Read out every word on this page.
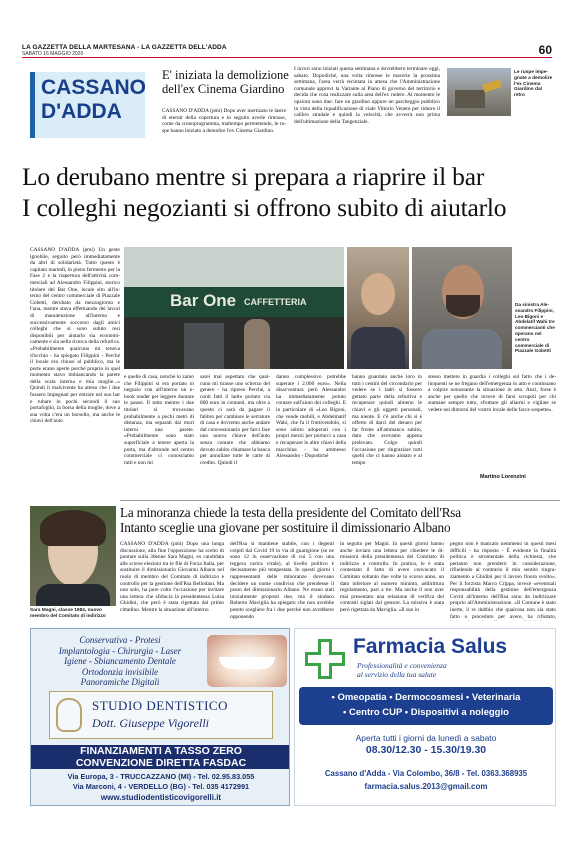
LA GAZZETTA DELLA MARTESANA - LA GAZZETTA DELL'ADDA
SABATO 16 MAGGIO 2020	60
CASSANO
D'ADDA
E' iniziata la demolizione
dell'ex Cinema Giardino

CASSANO D'ADDA (pmi) Dopo aver inertizato le lastre di eternit della copertura e in seguito averle rimosse, come da cronoprogramma, maltempo permettendo, le ruspe hanno iniziato a demolire l'ex Cinema Giardino.

I lavori sono iniziati questa settimana e dovrebbero terminare oggi, sabato. Dopodiché, una volta rimosse le macerie la prossima settimana, l'area verrà recintata in attesa che l'Amministrazione comunale approvi la Variante al Piano di governo del territorio e decida che cosa realizzare sulla area dell'ex rudere. Al momento le opzioni sono due: fare un giardino oppure un parcheggio pubblico in vista della riqualificazione di viale Vittorio Veneto per ridurre il calibro stradale e quindi la velocità, che avverrà non prima dell'ultimazione della Tangenziale.

Le ruspe impegnate a demolire l'ex Cinema Giardino dal retro
Lo derubano mentre si prepara a riaprire il bar
I colleghi negozianti si offrono subito di aiutarlo

CASSANO D'ADDA (pmi) Un gesto ignobile, seguito però immediatamente da altri di solidarietà. Tutto questo è capitato martedì, in pieno fermento per la Fase 2 e la riapertura dell'attività commerciali ad Alessandro Filippini, storico titolare del Bar One, locale sito all'interno del centro commerciale di Piazzale Gobetti, derubato da mezzogiorno e l'una, mentre stava effettuando dei lavori di manutenzione all'interno e successivamente soccorso dagli amici colleghi che si sono subito resi disponibili per aiutarlo sia economicamente e sia nella ricerca della refurtiva. «Probabilmente qualcuno mi teneva d'occhio - ha spiegato Filippini - Perché il locale era chiuso al pubblico, ma le porte erano aperte perché proprio in quel momento stavo imbiancando la parete della scala interna e mia moglie...» Quindi il malvivente ha atteso che i due fossero impegnati per entrare nel suo bar e rubare in pochi secondi il suo portafoglio, la borsa della moglie, dove a sua volta c'era un borsello, ma anche le chiavi dell'auto

Bar One CAFFETTERIA	Da sinistra Alessandro Filippini, Leo Bigoni e Abdelatif Wahi tre commercianti che operano nel centro commerciale di Piazzale Gobetti

e quelle di casa, nonché lo zaino che Filippini si era portato in negozio con all'interno un e-book reader per leggere durante le pause. Il tutto mentre i due titolari si trovavano probabilmente a pochi metri di distanza, ma separati dai muri interni una parete. «Probabilmente sono stato superficiale a tenere aperta la porta, ma d'altronde nel centro commerciale ci conosciamo tutti e non mi

sarei mai aspettato che qualcuno mi tirasse uno scherzo del genere - ha ripreso Perché, a conti fatti il ladro portato via 800 euro in contanti, ma oltre a questo ci sarà da pagare il fabbro per cambiare le serrature di casa e dovremo anche andare dal concessionario per farci fare una nuova chiave dell'auto senza contare che abbiamo dovuto subito chiamare la banca per annullare tutte le carte di credito. Quindi il

danno complessivo potrebbe superare i 2.000 euro». Nella disavventura però Alessandro ha immediatamente potuto contare sull'aiuto dei colleghi. E in particolare di «Leo Bigoni, che vende mobili, e Abdelmatif Wahi, che fa il fruttivendolo, si sono subito adoperati con i propri mezzi per portarci a casa e recuperare le altre chiavi della macchina - ha ammesso Alessandro - Dopodiché

hanno guardato anche loro in tutti i cestini del circondario per vedere se i ladri si fossero gettato parte della refurtiva e recuperare quindi almeno le chiavi e gli oggetti personali, ma niente. E c'è anche chi si è offerto di darci del denaro per far fronte all'ammanco subito, dato che avevamo appena prelevato. Colgo quindi l'occasione per ringraziare tutti quelli che ci hanno aiutato e al tempo

stesso mettere in guardia i colleghi sul fatto che i delinquenti se ne fregano dell'emergenza in atto e continuano a colpire nonostante la situazione in atto. Anzi, forse è anche per quello che invece di farsi scrupoli per chi stamane sempre tutto, sfruttare gli allarmi e vigilate se vedete nei dintorni del vostro locale delle facce sospette».

Martino Lorenzini
La minoranza chiede la testa della presidente del Comitato dell'Rsa
Intanto sceglie una giovane per sostituire il dimissionario Albano
Sara Magni, classe 1984, nuovo membro del Comitato di indirizzo

CASSANO D'ADDA (pmi) Dopo una lunga discussione, alla fine l'opposizione ha scelto di puntare sulla 36enne Sara Magni, ex candidata alle scorse elezioni tra le file di Forza Italia, per sostituire il dimissionario Giovanni Albano nel ruolo di membro del Comitato di indirizzo e controllo per la gestione dell'Rsa Bellodani. Ma non solo, ha pure colto l'occasione per invitare una lettera che sfiducia la presidentessa Luisa Ghidini, che però è stata rigettata dal primo cittadino. Mentre la situazione all'interno

dell'Rsa si mantiene stabile, con i degenti colpiti dal Covid 19 in via di guarigione (se ne sono 12 in osservazione di cui 5 con una leggera carica virale), al livello politico è decisamente più tempestata. In questi giorni i rappresentanti delle minoranze dovevano decidere un nome condiviso che prendesse il posto del dimissionario Albano. Ne erano stati inizialmente proposti due, ma il sindaco Roberto Maviglia ha spiegato che non avrebbe potuto scegliere fra i due perché non avrebbero opponendo

in seguito per Magni. In questi giorni hanno anche inviato una lettera per chiedere le dimissioni della presidentessa del Comitato di indirizzo e controllo. In pratica, le è stata contestato il fatto di avere convocato il Comitato soltanto due volte lo scorso anno, un dato inferiore al numero minimo, addirittura regolamento, pari a tre. Ma anche il non aver mai presentato una relazione di verifica dei contratti siglati dal gestore. La missiva è stata però rigettata da Maviglia. «Il suo in

pegno non è mancato nemmeno in questi mesi difficili - ha risposto - È evidente la finalità politica e strumentale della richiesta, che pertanto non prenderò in considerazione, rifiudendo al contrario il mio sentito ringraziamento a Ghidini per il lavoro finora svolto». Per il forzista Marco Crippa, invece «eventuali responsabilità della gestione dell'emergenza Covid all'interno dell'Rsa sono da indirizzare proprio all'Amministrazione. «Il Comune è stato inerte, il re dubbio che qualcosa non sia stato fatto o proceduto per avere, ha rifiutato,

Conservativa - Protesi
Implantologia - Chirurgia - Laser
Igiene - Sbiancamento Dentale
Ortodonzia invisibile
Panoramiche Digitali
STUDIO DENTISTICO
Dott. Giuseppe Vigorelli
FINANZIAMENTI A TASSO ZERO
CONVENZIONE DIRETTA FASDAC
Via Europa, 3 - TRUCCAZZANO (MI) - Tel. 02.95.83.055
Via Marconi, 4 - VERDELLO (BG) - Tel. 035 4172991
www.studiodentisticovigorelli.it
Farmacia Salus
Professionalità e convenienza
al servizio della tua salute
• Omeopatia • Dermocosmesi • Veterinaria
• Centro CUP • Dispositivi a noleggio
Aperta tutti i giorni da lunedì a sabato
08.30/12.30 - 15.30/19.30
Cassano d'Adda - Via Colombo, 36/8 - Tel. 0363.368935
farmacia.salus.2013@gmail.com
